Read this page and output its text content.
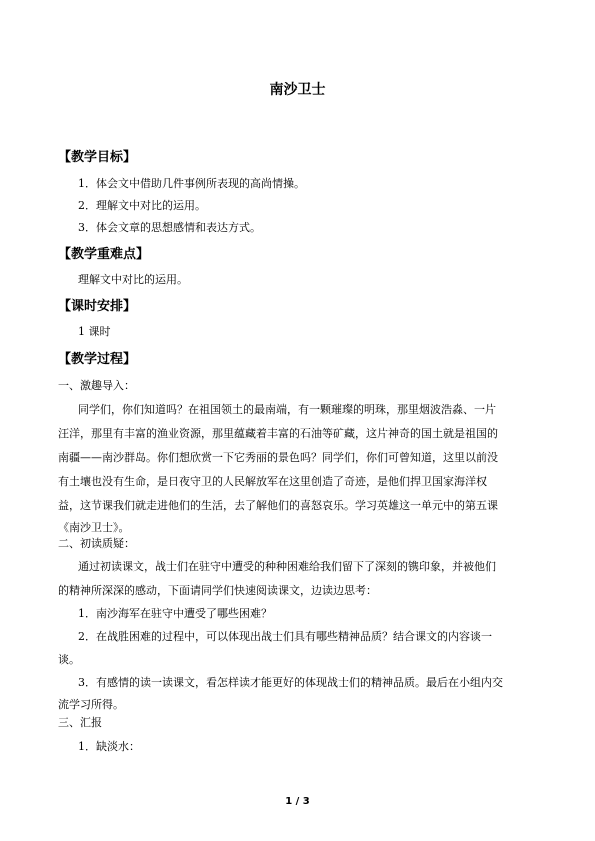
南沙卫士
【教学目标】
1．体会文中借助几件事例所表现的高尚情操。
2．理解文中对比的运用。
3．体会文章的思想感情和表达方式。
【教学重难点】
理解文中对比的运用。
【课时安排】
1 课时
【教学过程】
一、激趣导入：
同学们，你们知道吗？在祖国领土的最南端，有一颗璀璨的明珠，那里烟波浩淼、一片
汪洋，那里有丰富的渔业资源，那里蕴藏着丰富的石油等矿藏，这片神奇的国土就是祖国的
南疆——南沙群岛。你们想欣赏一下它秀丽的景色吗？同学们，你们可曾知道，这里以前没
有土壤也没有生命，是日夜守卫的人民解放军在这里创造了奇迹，是他们捍卫国家海洋权
益，这节课我们就走进他们的生活，去了解他们的喜怒哀乐。学习英雄这一单元中的第五课
《南沙卫士》。
二、初读质疑：
通过初读课文，战士们在驻守中遭受的种种困难给我们留下了深刻的镌印象，并被他们
的精神所深深的感动，下面请同学们快速阅读课文，边读边思考：
1．南沙海军在驻守中遭受了哪些困难？
2．在战胜困难的过程中，可以体现出战士们具有哪些精神品质？结合课文的内容谈一
谈。
3．有感情的读一读课文，看怎样读才能更好的体现战士们的精神品质。最后在小组内交
流学习所得。
三、汇报
1．缺淡水：
1 / 3
